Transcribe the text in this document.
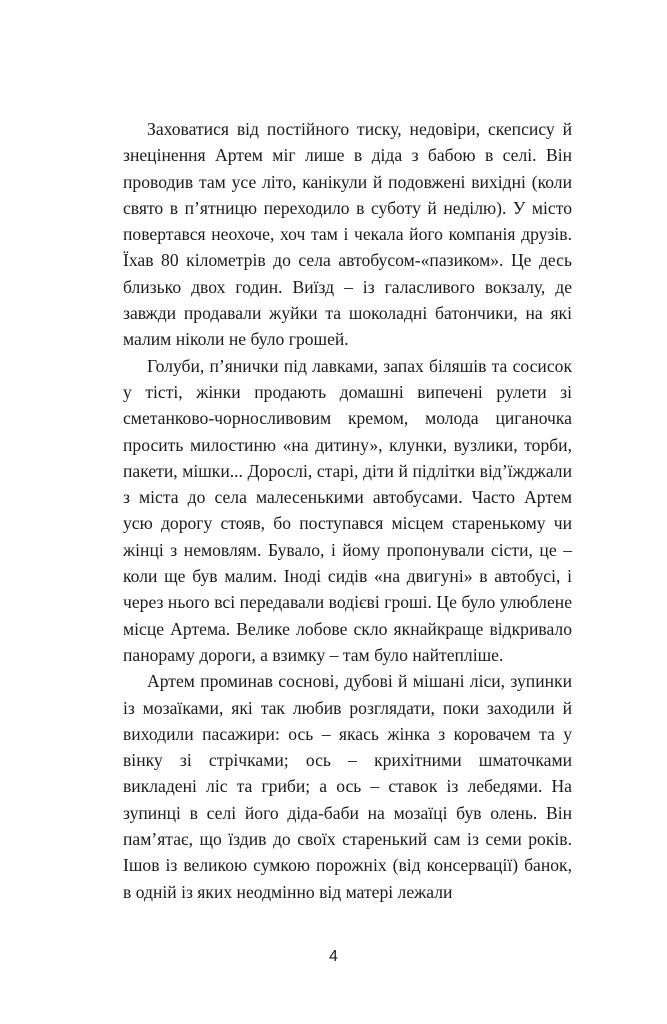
Заховатися від постійного тиску, недовіри, скепсису й знецінення Артем міг лише в діда з бабою в селі. Він проводив там усе літо, канікули й подовжені вихідні (коли свято в п’ятницю переходило в суботу й неділю). У місто повертався неохоче, хоч там і чекала його компанія друзів. Їхав 80 кілометрів до села автобусом-«пазиком». Це десь близько двох годин. Виїзд – із галасливого вокзалу, де завжди продавали жуйки та шоколадні батончики, на які малим ніколи не було грошей.

Голуби, п’янички під лавками, запах біляшів та сосисок у тісті, жінки продають домашні випечені рулети зі сметанково-чорносливовим кремом, молода циганочка просить милостиню «на дитину», клунки, вузлики, торби, пакети, мішки... Дорослі, старі, діти й підлітки від’їжджали з міста до села малесенькими автобусами. Часто Артем усю дорогу стояв, бо поступався місцем старенькому чи жінці з немовлям. Бувало, і йому пропонували сісти, це – коли ще був малим. Іноді сидів «на двигуні» в автобусі, і через нього всі передавали водієві гроші. Це було улюблене місце Артема. Велике лобове скло якнайкраще відкривало панораму дороги, а взимку – там було найтепліше.

Артем проминав соснові, дубові й мішані ліси, зупинки із мозаїками, які так любив розглядати, поки заходили й виходили пасажири: ось – якась жінка з коровачем та у вінку зі стрічками; ось – крихітними шматочками викладені ліс та гриби; а ось – ставок із лебедями. На зупинці в селі його діда-баби на мозаїці був олень. Він пам’ятає, що їздив до своїх старенький сам із семи років. Ішов із великою сумкою порожніх (від консервації) банок, в одній із яких неодмінно від матері лежали

4
